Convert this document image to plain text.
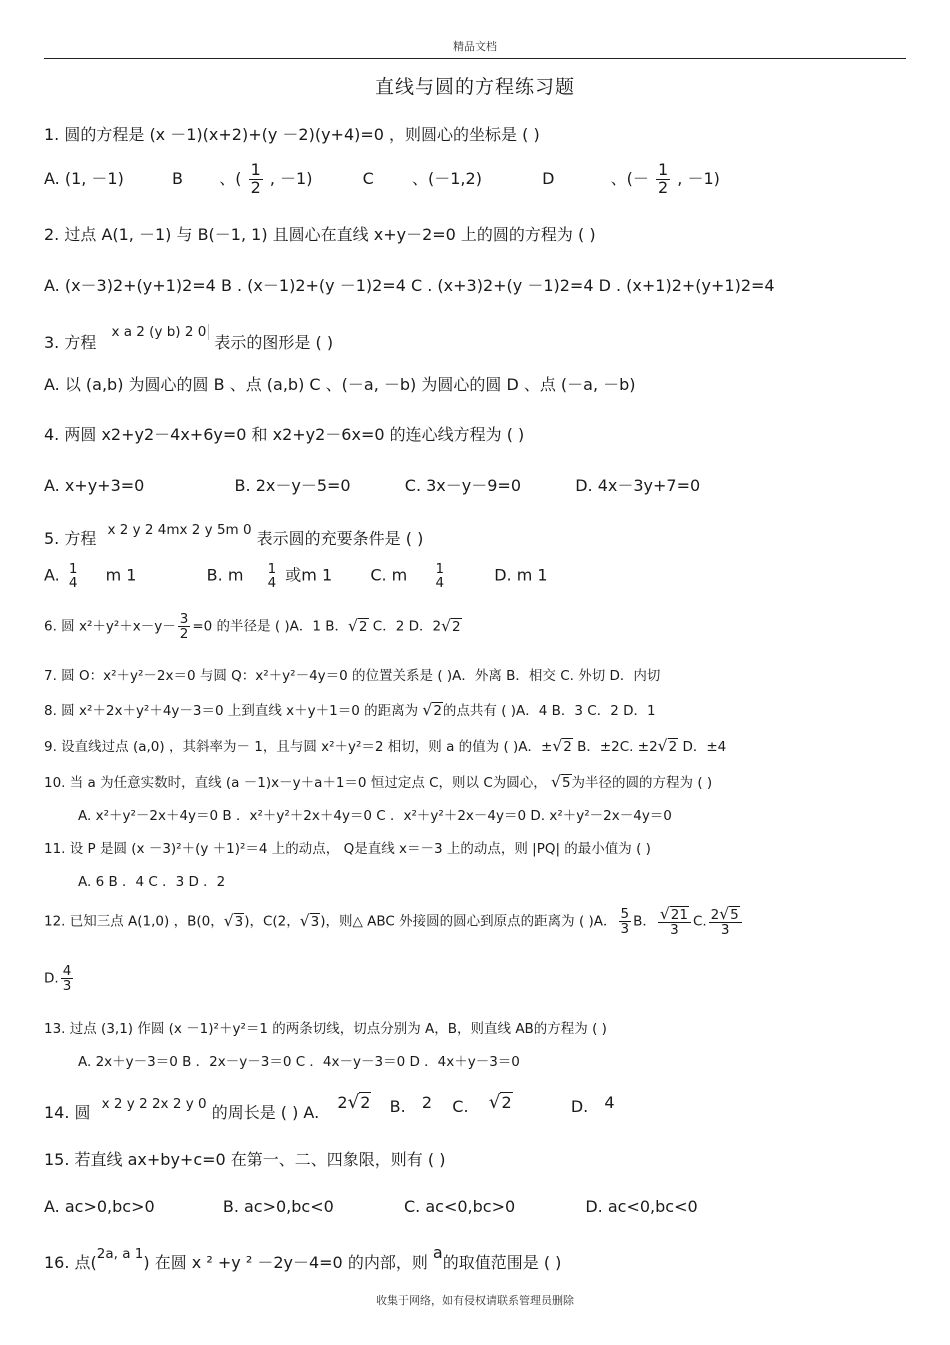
精品文档
直线与圆的方程练习题
1. 圆的方程是 (x －1)(x+2)+(y －2)(y+4)=0 ，则圆心的坐标是 ( )
A. (1, －1)	B 、( $\frac{1}{2}$ , －1)	C 、(－1,2)	D	、(－ $\frac{1}{2}$ , －1)
2. 过点 A(1, －1) 与 B(－1, 1) 且圆心在直线 x+y－2=0 上的圆的方程为 ( )
A. (x－3)2+(y+1)2=4 B . (x－1)2+(y －1)2=4 C . (x+3)2+(y －1)2=4 D . (x+1)2+(y+1)2=4
3. 方程 x a 2 (y b) 2 0 表示的图形是 ( )
A. 以 (a,b) 为圆心的圆 B 、点 (a,b) C 、(－a, －b) 为圆心的圆 D 、点 (－a, －b)
4. 两圆 x2+y2－4x+6y=0 和 x2+y2－6x=0 的连心线方程为 ( )
A. x+y+3=0	B. 2x－y－5=0	C. 3x－y－9=0	D. 4x－3y+7=0
5. 方程 x 2 y 2 4mx 2 y 5m 0 表示圆的充要条件是 ( )
A. 1
4 m 1	B. m 1
4 或m 1 C. m 1
4	D. m 1
6. 圆 $x^2+y^2+x-y- \frac{3}{2} =0$ 的半径是 ( )A．1 B．√2 C．2 D．2√2
7. 圆 O：x²＋y²－2x＝0 与圆 Q：x²＋y²－4y＝0 的位置关系是 ( )A．外离 B．相交 C. 外切 D．内切
8. 圆 x²＋2x＋y²＋4y－3＝0 上到直线 x＋y＋1＝0 的距离为 √2的点共有 ( )A．4 B．3 C．2 D．1
9. 设直线过点 (a,0) ，其斜率为－ 1，且与圆 x²＋y²＝2 相切，则 a 的值为 ( )A．±√2 B．±2C. ±2√2 D．±4
10. 当 a 为任意实数时，直线 (a －1)x－y＋a＋1＝0 恒过定点 C，则以 C为圆心， √5为半径的圆的方程为 ( )
A. x²＋y²－2x＋4y＝0 B ．x²＋y²＋2x＋4y＝0 C ．x²＋y²＋2x－4y＝0 D. x²＋y²－2x－4y＝0
11. 设 P 是圆 (x －3)²＋(y ＋1)²＝4 上的动点， Q是直线 x＝－3 上的动点，则 |PQ| 的最小值为 ( )
A. 6 B ．4 C ．3 D ．2
12. 已知三点 A(1,0) ，B(0，√3)，C(2，√3)，则△ ABC 外接圆的圆心到原点的距离为 ( )A． $\frac{5}{3}$ B． $\frac{√21}{3} C$. $\frac{2√5}{3}$
D. $\frac{4}{3}$
13. 过点 (3,1) 作圆 (x －1)²＋y²＝1 的两条切线，切点分别为 A，B，则直线 AB的方程为 ( )
A. 2x＋y－3＝0 B ．2x－y－3＝0 C ．4x－y－3＝0 D ．4x＋y－3＝0
14. 圆 x 2 y 2 2x 2 y 0 的周长是 ( ) A.  2√2 B. 2 C. √2	D. 4
15. 若直线 ax+by+c=0 在第一、二、四象限，则有 ( )
A. ac>0,bc>0	B. ac>0,bc<0	C. ac<0,bc>0	D. ac<0,bc<0
16. 点(2a, a 1) 在圆 x ² +y ² －2y－4=0 的内部，则 a的取值范围是 ( )
收集于网络，如有侵权请联系管理员删除
